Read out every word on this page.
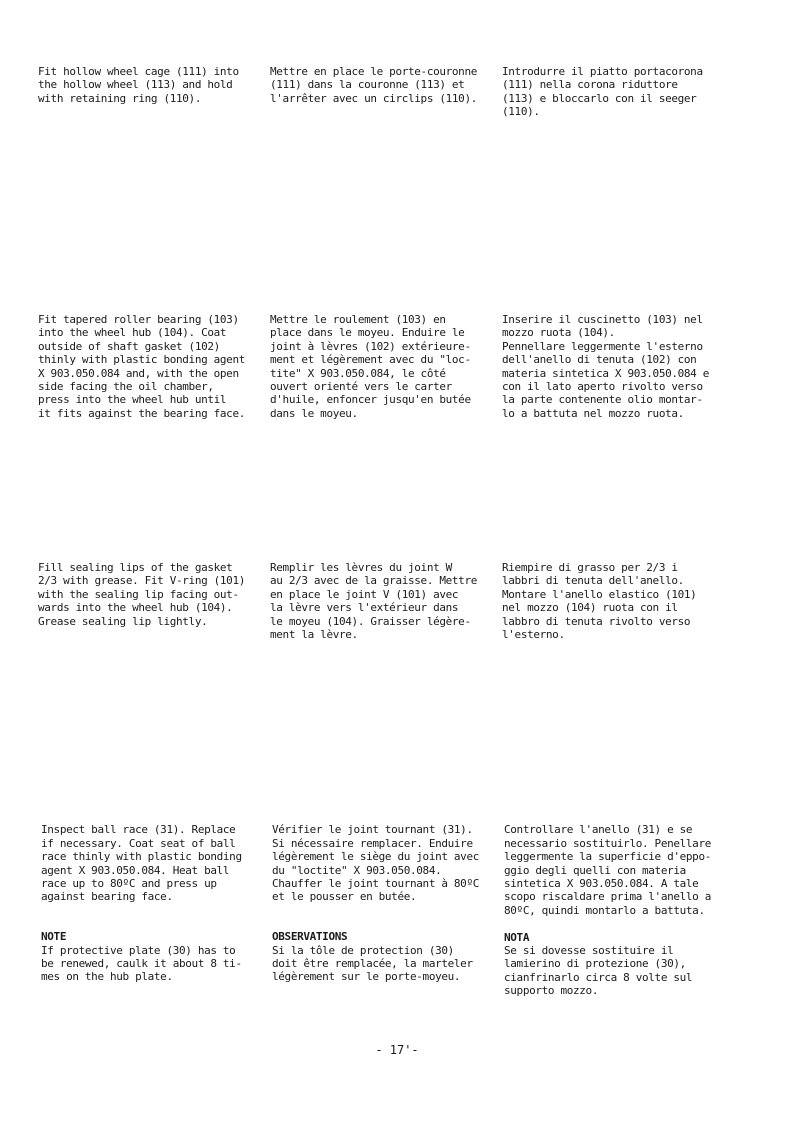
Fit hollow wheel cage (111) into
the hollow wheel (113) and hold
with retaining ring (110).
Mettre en place le porte-couronne
(111) dans la couronne (113) et
l'arrêter avec un circlips (110).
Introdurre il piatto portacorona
(111) nella corona riduttore
(113) e bloccarlo con il seeger
(110).
Fit tapered roller bearing (103)
into the wheel hub (104). Coat
outside of shaft gasket (102)
thinly with plastic bonding agent
X 903.050.084 and, with the open
side facing the oil chamber,
press into the wheel hub until
it fits against the bearing face.
Mettre le roulement (103) en
place dans le moyeu. Enduire le
joint à lèvres (102) extérieure-
ment et légèrement avec du "loc-
tite" X 903.050.084, le côté
ouvert orienté vers le carter
d'huile, enfoncer jusqu'en butée
dans le moyeu.
Inserire il cuscinetto (103) nel
mozzo ruota (104).
Pennellare leggermente l'esterno
dell'anello di tenuta (102) con
materia sintetica X 903.050.084 e
con il lato aperto rivolto verso
la parte contenente olio montar-
lo a battuta nel mozzo ruota.
Fill sealing lips of the gasket
2/3 with grease. Fit V-ring (101)
with the sealing lip facing out-
wards into the wheel hub (104).
Grease sealing lip lightly.
Remplir les lèvres du joint W
au 2/3 avec de la graisse. Mettre
en place le joint V (101) avec
la lèvre vers l'extérieur dans
le moyeu (104). Graisser légère-
ment la lèvre.
Riempire di grasso per 2/3 i
labbri di tenuta dell'anello.
Montare l'anello elastico (101)
nel mozzo (104) ruota con il
labbro di tenuta rivolto verso
l'esterno.

Inspect ball race (31). Replace
if necessary. Coat seat of ball
race thinly with plastic bonding
agent X 903.050.084. Heat ball
race up to 80ºC and press up
against bearing face.

NOTE
If protective plate (30) has to
be renewed, caulk it about 8 ti-
mes on the hub plate.

Vérifier le joint tournant (31).
Si nécessaire remplacer. Enduire
légèrement le siège du joint avec
du "loctite" X 903.050.084.
Chauffer le joint tournant à 80ºC
et le pousser en butée.

OBSERVATIONS
Si la tôle de protection (30)
doit être remplacée, la marteler
légèrement sur le porte-moyeu.

Controllare l'anello (31) e se
necessario sostituirlo. Penellare
leggermente la superficie d'eppo-
ggio degli quelli con materia
sintetica X 903.050.084. A tale
scopo riscaldare prima l'anello a
80ºC, quindi montarlo a battuta.

NOTA
Se si dovesse sostituire il
lamierino di protezione (30),
cianfrinarlo circa 8 volte sul
supporto mozzo.

- 17'-
